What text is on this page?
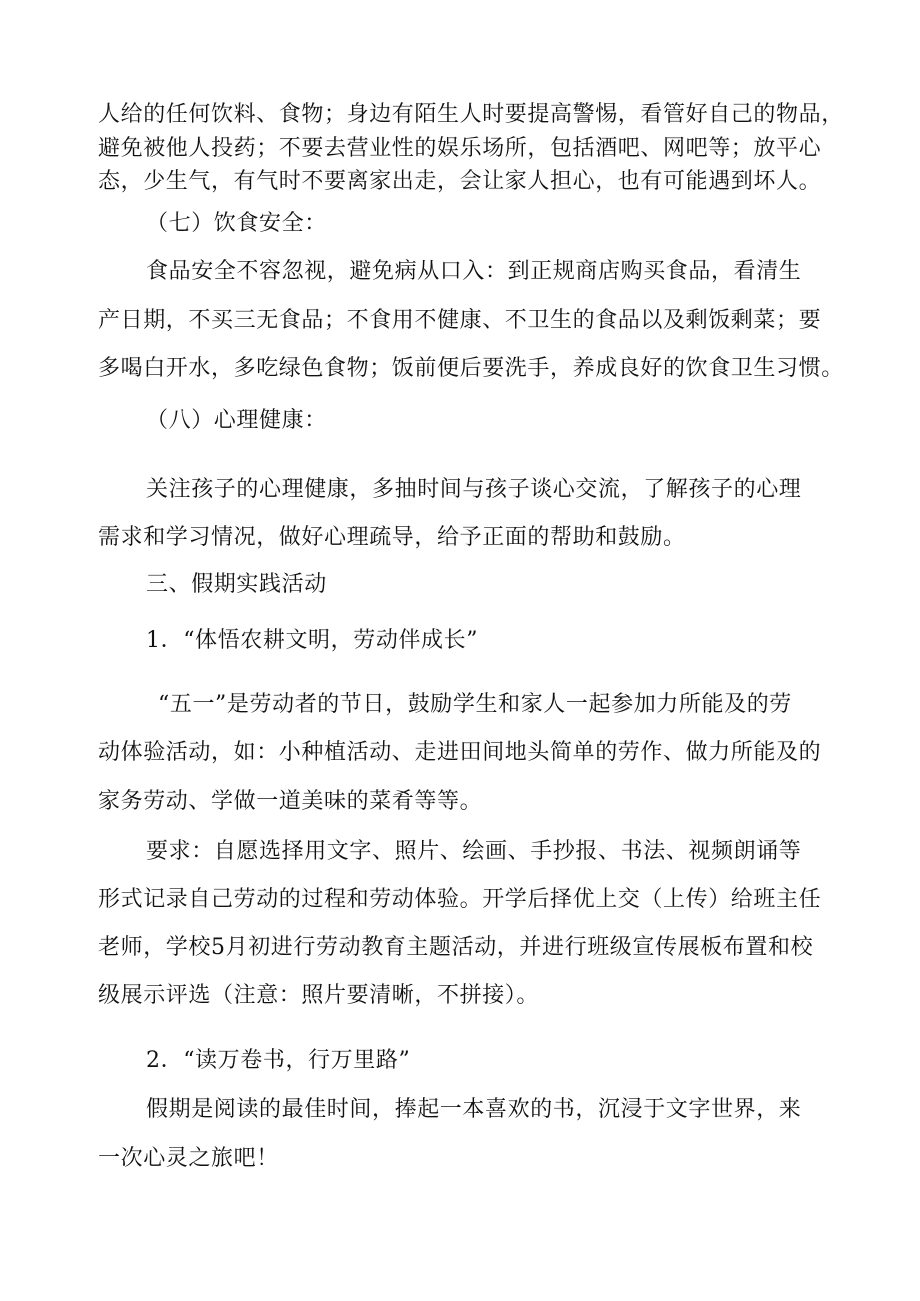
人给的任何饮料、食物；身边有陌生人时要提高警惕，看管好自己的物品，

避免被他人投药；不要去营业性的娱乐场所，包括酒吧、网吧等；放平心

态，少生气，有气时不要离家出走，会让家人担心，也有可能遇到坏人。

（七）饮食安全：

食品安全不容忽视，避免病从口入：到正规商店购买食品，看清生

产日期，不买三无食品；不食用不健康、不卫生的食品以及剩饭剩菜；要

多喝白开水，多吃绿色食物；饭前便后要洗手，养成良好的饮食卫生习惯。

（八）心理健康：

关注孩子的心理健康，多抽时间与孩子谈心交流，了解孩子的心理

需求和学习情况，做好心理疏导，给予正面的帮助和鼓励。

三、假期实践活动

1．“体悟农耕文明，劳动伴成长”

“五一”是劳动者的节日，鼓励学生和家人一起参加力所能及的劳

动体验活动，如：小种植活动、走进田间地头简单的劳作、做力所能及的

家务劳动、学做一道美味的菜肴等等。

要求：自愿选择用文字、照片、绘画、手抄报、书法、视频朗诵等

形式记录自己劳动的过程和劳动体验。开学后择优上交（上传）给班主任

老师，学校5月初进行劳动教育主题活动，并进行班级宣传展板布置和校

级展示评选（注意：照片要清晰，不拼接）。

2．“读万卷书，行万里路”

假期是阅读的最佳时间，捧起一本喜欢的书，沉浸于文字世界，来

一次心灵之旅吧！
